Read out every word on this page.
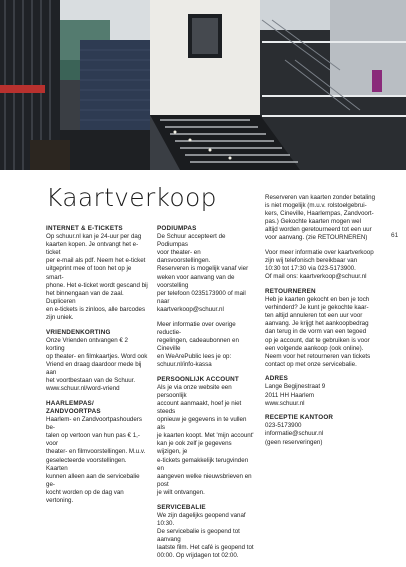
Kaartverkoop
61
INTERNET & E-TICKETS

Op schuur.nl kan je 24-uur per dag
kaarten kopen. Je ontvangt het e-ticket
per e-mail als pdf. Neem het e-ticket
uitgeprint mee of toon het op je smart-
phone. Het e-ticket wordt gescand bij
het binnengaan van de zaal. Dupliceren
en e-tickets is zinloos, alle barcodes
zijn uniek.

VRIENDENKORTING

Onze Vrienden ontvangen € 2 korting
op theater- en filmkaartjes. Word ook
Vriend en draag daardoor mede bij aan
het voortbestaan van de Schuur.
www.schuur.nl/word-vriend

HAARLEMPAS/ ZANDVOORTPAS

Haarlem- en Zandvoortpashouders be-
talen op vertoon van hun pas € 1,- voor
theater- en filmvoorstellingen. M.u.v.
geselecteerde voorstellingen. Kaarten
kunnen alleen aan de servicebalie ge-
kocht worden op de dag van vertoning.

PODIUMPAS

De Schuur accepteert de Podiumpas
voor theater- en dansvoorstellingen.
Reserveren is mogelijk vanaf vier
weken voor aanvang van de voorstelling
per telefoon 0235173900 of mail naar
kaartverkoop@schuur.nl

Meer informatie over overige reductie-
regelingen, cadeaubonnen en Cineville
en WeArePublic lees je op:
schuur.nl/info-kassa

PERSOONLIJK ACCOUNT

Als je via onze website een persoonlijk
account aanmaakt, hoef je niet steeds
opnieuw je gegevens in te vullen als
je kaarten koopt. Met 'mijn account'
kan je ook zelf je gegevens wijzigen, je
e-tickets gemakkelijk terugvinden en
aangeven welke nieuwsbrieven en post
je wilt ontvangen.

SERVICEBALIE

We zijn dagelijks geopend vanaf 10:30.
De servicebalie is geopend tot aanvang
laatste film. Het café is geopend tot
00:00. Op vrijdagen tot 02:00.

Reserveren van kaarten zonder betaling
is niet mogelijk (m.u.v. rolstoelgebrui-
kers, Cineville, Haarlempas, Zandvoort-
pas.) Gekochte kaarten mogen wel
altijd worden geretourneerd tot een uur
voor aanvang. (zie RETOURNEREN)

Voor meer informatie over kaartverkoop
zijn wij telefonisch bereikbaar van
10:30 tot 17:30 via 023-5173900.
Of mail ons: kaartverkoop@schuur.nl

RETOURNEREN

Heb je kaarten gekocht en ben je toch
verhinderd? Je kunt je gekochte kaar-
ten altijd annuleren tot een uur voor
aanvang. Je krijgt het aankoopbedrag
dan terug in de vorm van een tegoed
op je account, dat te gebruiken is voor
een volgende aankoop (ook online).
Neem voor het retourneren van tickets
contact op met onze servicebalie.

ADRES

Lange Begijnestraat 9
2011 HH Haarlem
www.schuur.nl

RECEPTIE KANTOOR

023-5173900
informatie@schuur.nl
(geen reserveringen)
